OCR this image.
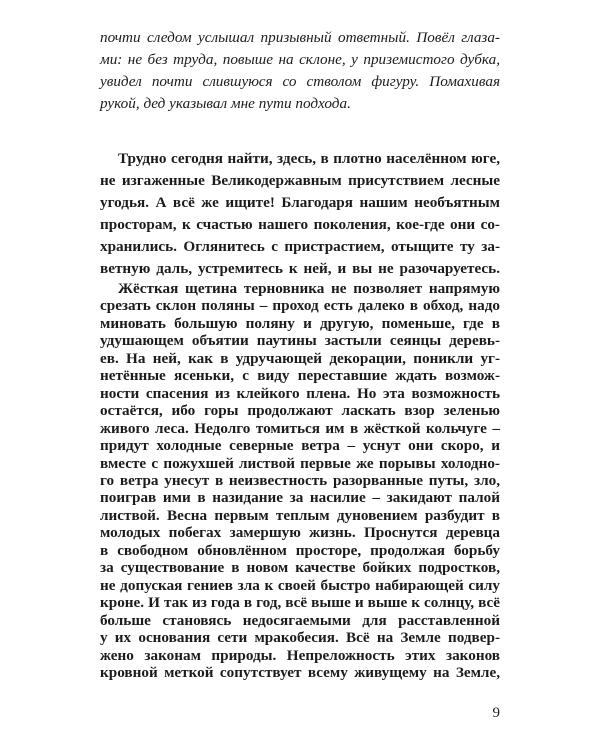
почти следом услышал призывный ответный. Повёл глаза-
ми: не без труда, повыше на склоне, у приземистого дубка,
увидел почти слившуюся со стволом фигуру. Помахивая
рукой, дед указывал мне пути подхода.
Трудно сегодня найти, здесь, в плотно населённом юге,
не изгаженные Великодержавным присутствием лесные
угодья. А всё же ищите! Благодаря нашим необъятным
просторам, к счастью нашего поколения, кое-где они со-
хранились. Оглянитесь с пристрастием, отыщите ту за-
ветную даль, устремитесь к ней, и вы не разочаруетесь.
Жёсткая щетина терновника не позволяет напрямую
срезать склон поляны – проход есть далеко в обход, надо
миновать большую поляну и другую, поменьше, где в
удушающем объятии паутины застыли сеянцы деревь-
ев. На ней, как в удручающей декорации, поникли уг-
нетённые ясеньки, с виду переставшие ждать возмож-
ности спасения из клейкого плена. Но эта возможность
остаётся, ибо горы продолжают ласкать взор зеленью
живого леса. Недолго томиться им в жёсткой кольчуге –
придут холодные северные ветра – уснут они скоро, и
вместе с пожухшей листвой первые же порывы холодно-
го ветра унесут в неизвестность разорванные путы, зло,
поиграв ими в назидание за насилие – закидают палой
листвой. Весна первым теплым дуновением разбудит в
молодых побегах замершую жизнь. Проснутся деревца
в свободном обновлённом просторе, продолжая борьбу
за существование в новом качестве бойких подростков,
не допуская гениев зла к своей быстро набирающей силу
кроне. И так из года в год, всё выше и выше к солнцу, всё
больше становясь недосягаемыми для расставленной
у их основания сети мракобесия. Всё на Земле подвер-
жено законам природы. Непреложность этих законов
кровной меткой сопутствует всему живущему на Земле,
9
